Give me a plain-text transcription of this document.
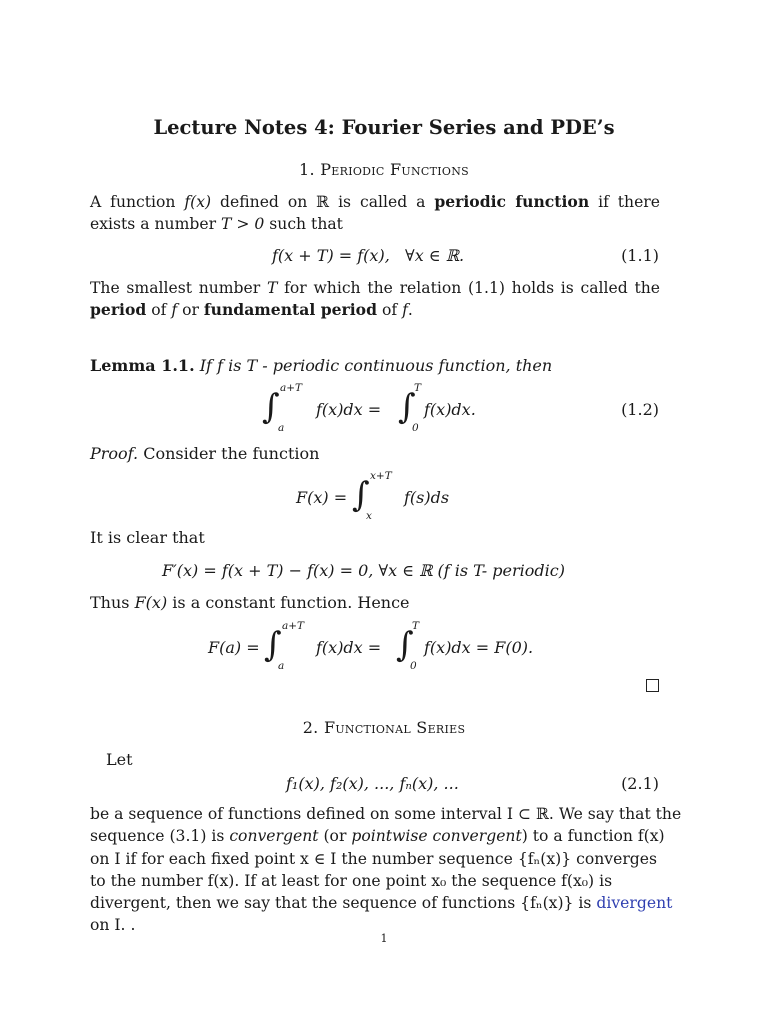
Lecture Notes 4: Fourier Series and PDE’s
1. Periodic Functions
A function f(x) defined on ℝ is called a periodic function if there exists a number T > 0 such that
f(x + T) = f(x), ∀x ∈ ℝ.	(1.1)
The smallest number T for which the relation (1.1) holds is called the period of f or fundamental period of f.
Lemma 1.1. If f is T - periodic continuous function, then
∫ a+T
a
f(x)dx = ∫
T
0
f(x)dx.	(1.2)
Proof. Consider the function
F(x) = ∫ x+T
x
f(s)ds
It is clear that
F′(x) = f(x + T) − f(x) = 0, ∀x ∈ ℝ (f is T- periodic)
Thus F(x) is a constant function. Hence
F(a) = ∫ a+T
a
f(x)dx = ∫
T
0
f(x)dx = F(0).
2. Functional Series
Let
f₁(x), f₂(x), ..., fₙ(x), ...	(2.1)
be a sequence of functions defined on some interval I ⊂ ℝ. We say that the
sequence (3.1) is convergent (or pointwise convergent) to a function f(x)
on I if for each fixed point x ∈ I the number sequence {fₙ(x)} converges
to the number f(x). If at least for one point x₀ the sequence f(x₀) is
divergent, then we say that the sequence of functions {fₙ(x)} is divergent
on I. .
1
